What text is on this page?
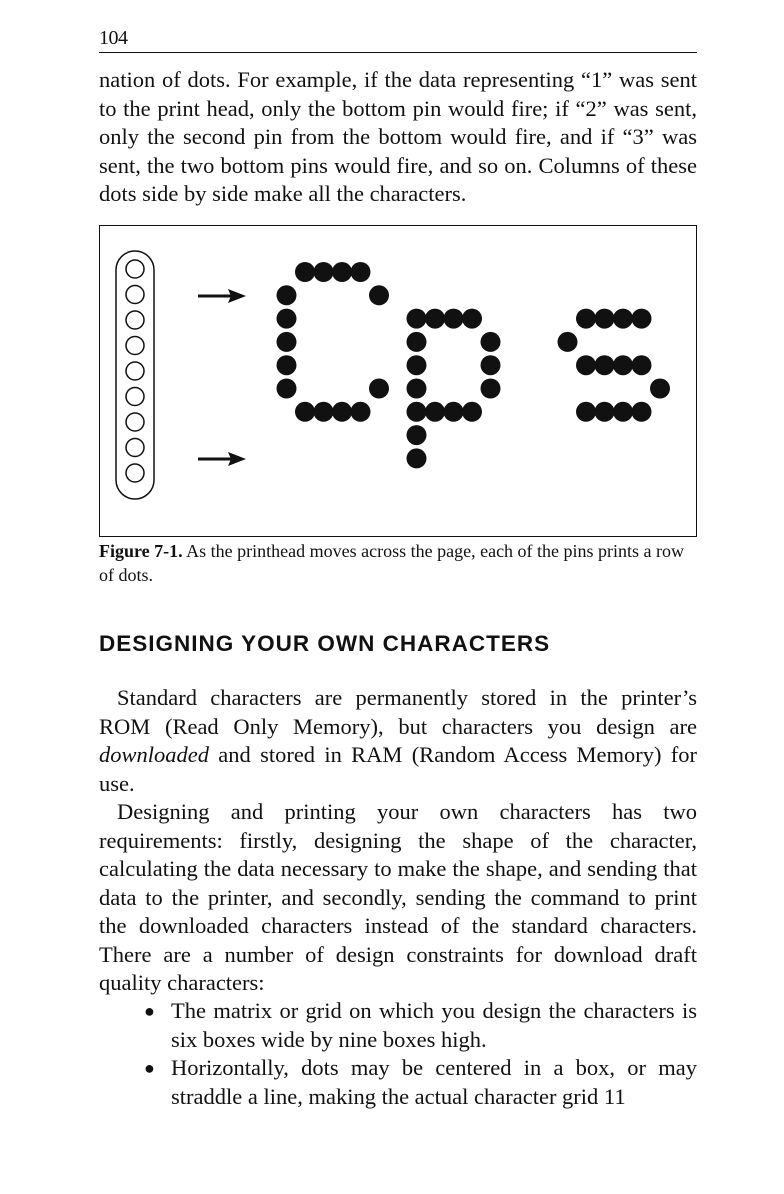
104

nation of dots. For example, if the data representing “1” was sent to the print head, only the bottom pin would fire; if “2” was sent, only the second pin from the bottom would fire, and if “3” was sent, the two bottom pins would fire, and so on. Columns of these dots side by side make all the characters.

Figure 7-1. As the printhead moves across the page, each of the pins prints a row of dots.

DESIGNING YOUR OWN CHARACTERS

Standard characters are permanently stored in the printer’s ROM (Read Only Memory), but characters you design are downloaded and stored in RAM (Random Access Memory) for use.

Designing and printing your own characters has two requirements: firstly, designing the shape of the character, calculating the data necessary to make the shape, and sending that data to the printer, and secondly, sending the command to print the downloaded characters instead of the standard characters. There are a number of design constraints for download draft quality characters:

● The matrix or grid on which you design the characters is six boxes wide by nine boxes high.
● Horizontally, dots may be centered in a box, or may straddle a line, making the actual character grid 11
